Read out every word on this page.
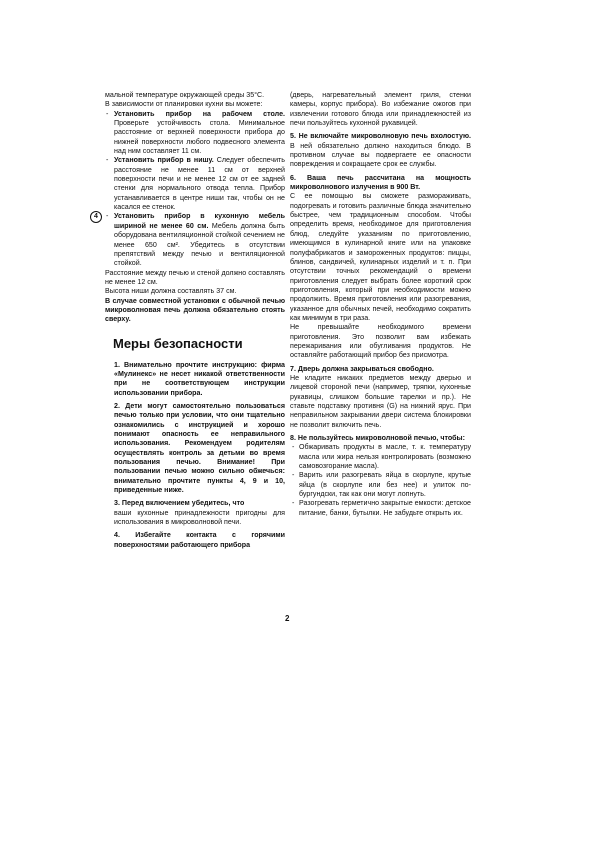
мальной температуре окружающей среды 35°С.

В зависимости от планировки кухни вы можете:

- Установить прибор на рабочем столе. Проверьте устойчивость стола. Минимальное расстояние от верхней поверхности прибора до нижней поверхности любого подвесного элемента над ним составляет 11 см.

- Установить прибор в нишу. Следует обеспечить расстояние не менее 11 см от верхней поверхности печи и не менее 12 см от ее задней стенки для нормального отвода тепла. Прибор устанавливается в центре ниши так, чтобы он не касался ее стенок.

- 4	Установить прибор в кухонную мебель шириной не менее 60 см. Мебель должна быть оборудована вентиляционной стойкой сечением не менее 650 см². Убедитесь в отсутствии препятствий между печью и вентиляционной стойкой.

Расстояние между печью и стеной должно составлять не менее 12 см.

Высота ниши должна составлять 37 см.

В случае совместной установки с обычной печью микроволновая печь должна обязательно стоять сверху.

Меры безопасности

1. Внимательно прочтите инструкцию: фирма «Мулинекс» не несет никакой ответственности при не соответствующем инструкции использовании прибора.

2. Дети могут самостоятельно пользоваться печью только при условии, что они тщательно ознакомились с инструкцией и хорошо понимают опасность ее неправильного использования. Рекомендуем родителям осуществлять контроль за детьми во время пользования печью. Внимание! При пользовании печью можно сильно обжечься: внимательно прочтите пункты 4, 9 и 10, приведенные ниже.

3. Перед включением убедитесь, что

ваши кухонные принадлежности пригодны для использования в микроволновой печи.

4. Избегайте контакта с горячими поверхностями работающего прибора

(дверь, нагревательный элемент гриля, стенки камеры, корпус прибора). Во избежание ожогов при извлечении готового блюда или принадлежностей из печи пользуйтесь кухонной рукавицей.

5. Не включайте микроволновую печь вхолостую. В ней обязательно должно находиться блюдо. В противном случае вы подвергаете ее опасности повреждения и сокращаете срок ее службы.

6. Ваша печь рассчитана на мощность микроволнового излучения в 900 Вт.

С ее помощью вы сможете размораживать, подогревать и готовить различные блюда значительно быстрее, чем традиционным способом. Чтобы определить время, необходимое для приготовления блюд, следуйте указаниям по приготовлению, имеющимся в кулинарной книге или на упаковке полуфабрикатов и замороженных продуктов: пиццы, блинов, сандвичей, кулинарных изделий и т. п. При отсутствии точных рекомендаций о времени приготовления следует выбрать более короткий срок приготовления, который при необходимости можно продолжить. Время приготовления или разогревания, указанное для обычных печей, необходимо сократить как минимум в три раза.

Не превышайте необходимого времени приготовления. Это позволит вам избежать пережаривания или обугливания продуктов. Не оставляйте работающий прибор без присмотра.

7. Дверь должна закрываться свободно.

Не кладите никаких предметов между дверью и лицевой стороной печи (например, тряпки, кухонные рукавицы, слишком большие тарелки и пр.). Не ставьте подставку противня (G) на нижний ярус. При неправильном закрывании двери система блокировки не позволит включить печь.

8. Не пользуйтесь микроволновой печью, чтобы:

- Обжаривать продукты в масле, т. к. температуру масла или жира нельзя контролировать (возможно самовозгорание масла).

- Варить или разогревать яйца в скорлупе, крутые яйца (в скорлупе или без нее) и улиток по-бургундски, так как они могут лопнуть.

- Разогревать герметично закрытые емкости: детское питание, банки, бутылки. Не забудьте открыть их.

2
